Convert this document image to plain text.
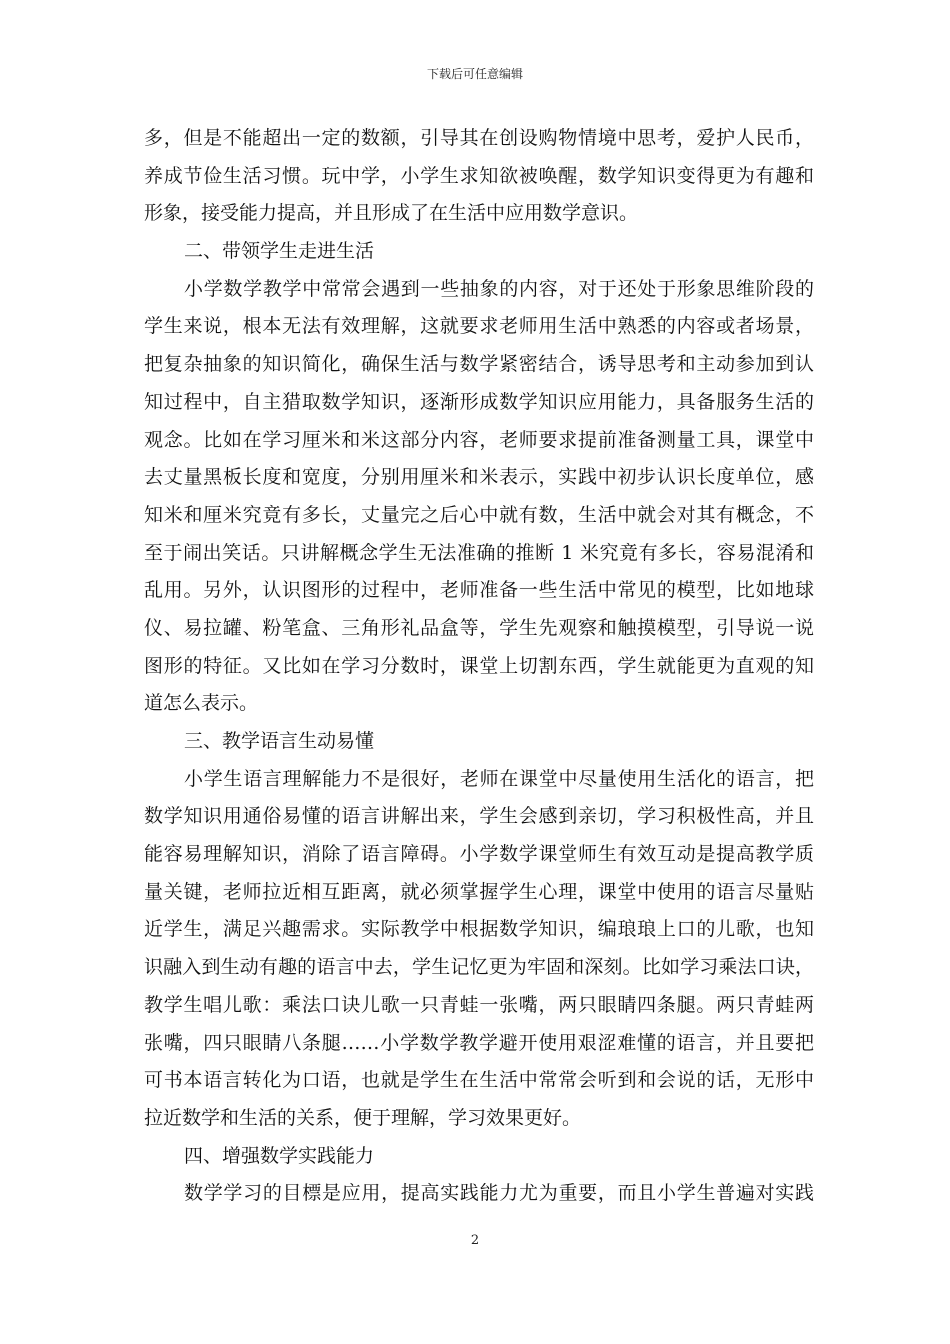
下载后可任意编辑
多，但是不能超出一定的数额，引导其在创设购物情境中思考，爱护人民币，
养成节俭生活习惯。玩中学，小学生求知欲被唤醒，数学知识变得更为有趣和
形象，接受能力提高，并且形成了在生活中应用数学意识。
二、带领学生走进生活
小学数学教学中常常会遇到一些抽象的内容，对于还处于形象思维阶段的
学生来说，根本无法有效理解，这就要求老师用生活中熟悉的内容或者场景，
把复杂抽象的知识简化，确保生活与数学紧密结合，诱导思考和主动参加到认
知过程中，自主猎取数学知识，逐渐形成数学知识应用能力，具备服务生活的
观念。比如在学习厘米和米这部分内容，老师要求提前准备测量工具，课堂中
去丈量黑板长度和宽度，分别用厘米和米表示，实践中初步认识长度单位，感
知米和厘米究竟有多长，丈量完之后心中就有数，生活中就会对其有概念，不
至于闹出笑话。只讲解概念学生无法准确的推断 1 米究竟有多长，容易混淆和
乱用。另外，认识图形的过程中，老师准备一些生活中常见的模型，比如地球
仪、易拉罐、粉笔盒、三角形礼品盒等，学生先观察和触摸模型，引导说一说
图形的特征。又比如在学习分数时，课堂上切割东西，学生就能更为直观的知
道怎么表示。
三、教学语言生动易懂
小学生语言理解能力不是很好，老师在课堂中尽量使用生活化的语言，把
数学知识用通俗易懂的语言讲解出来，学生会感到亲切，学习积极性高，并且
能容易理解知识，消除了语言障碍。小学数学课堂师生有效互动是提高教学质
量关键，老师拉近相互距离，就必须掌握学生心理，课堂中使用的语言尽量贴
近学生，满足兴趣需求。实际教学中根据数学知识，编琅琅上口的儿歌，也知
识融入到生动有趣的语言中去，学生记忆更为牢固和深刻。比如学习乘法口诀，
教学生唱儿歌：乘法口诀儿歌一只青蛙一张嘴，两只眼睛四条腿。两只青蛙两
张嘴，四只眼睛八条腿……小学数学教学避开使用艰涩难懂的语言，并且要把
可书本语言转化为口语，也就是学生在生活中常常会听到和会说的话，无形中
拉近数学和生活的关系，便于理解，学习效果更好。
四、增强数学实践能力
数学学习的目標是应用，提高实践能力尤为重要，而且小学生普遍对实践
2
